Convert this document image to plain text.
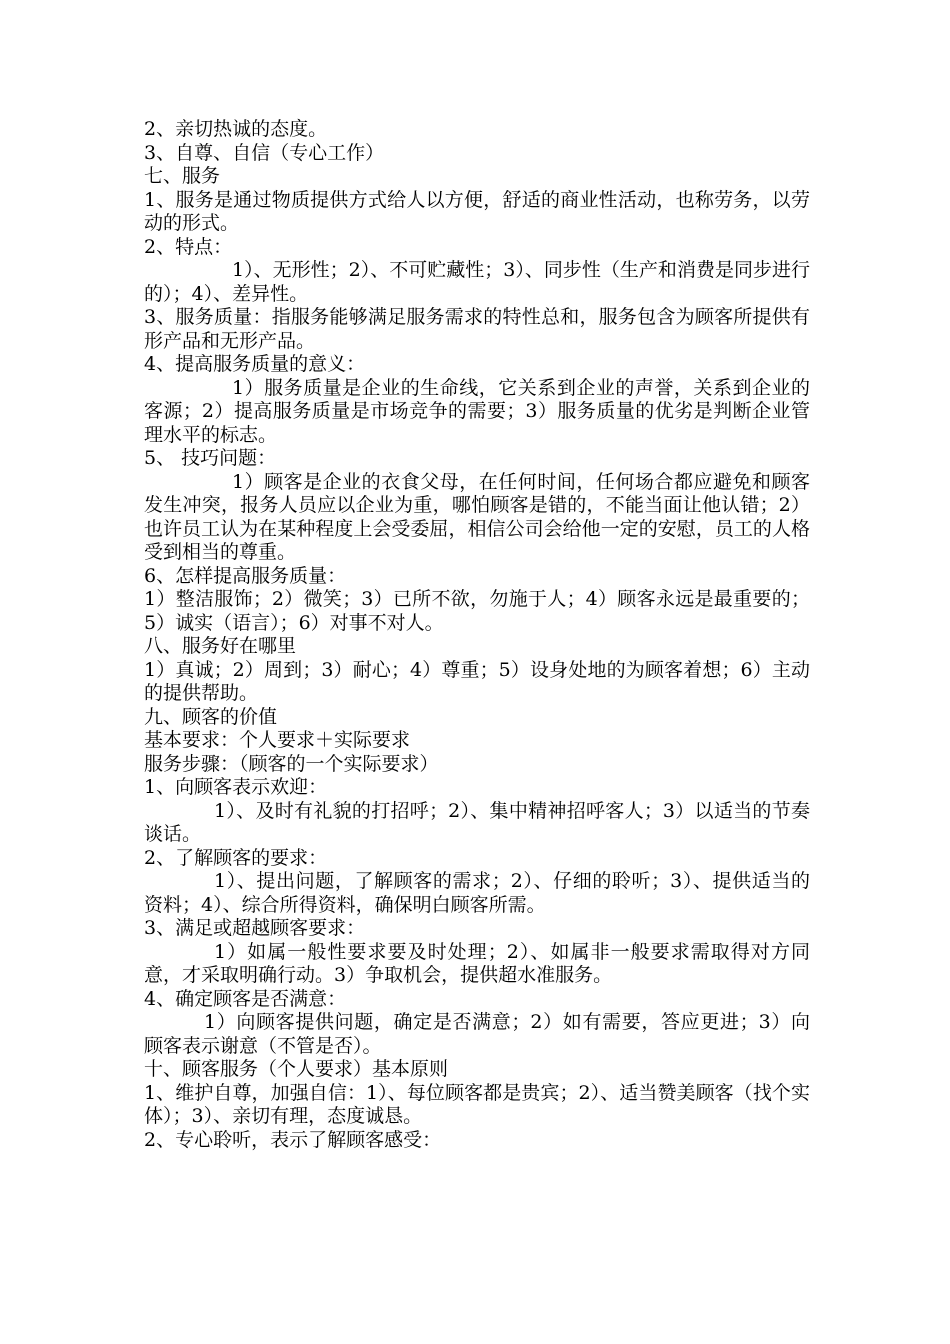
2、亲切热诚的态度。

3、自尊、自信（专心工作）

七、服务

1、服务是通过物质提供方式给人以方便，舒适的商业性活动，也称劳务，以劳动的形式。

2、特点：

1）、无形性；2）、不可贮藏性；3）、同步性（生产和消费是同步进行的）；4）、差异性。

3、服务质量：指服务能够满足服务需求的特性总和，服务包含为顾客所提供有形产品和无形产品。

4、提高服务质量的意义：

1）服务质量是企业的生命线，它关系到企业的声誉，关系到企业的客源；2）提高服务质量是市场竞争的需要；3）服务质量的优劣是判断企业管理水平的标志。

5、 技巧问题：

1）顾客是企业的衣食父母，在任何时间，任何场合都应避免和顾客发生冲突，报务人员应以企业为重，哪怕顾客是错的，不能当面让他认错；2）也许员工认为在某种程度上会受委屈，相信公司会给他一定的安慰，员工的人格受到相当的尊重。

6、怎样提高服务质量：

1）整洁服饰；2）微笑；3）已所不欲，勿施于人；4）顾客永远是最重要的；5）诚实（语言）；6）对事不对人。

八、服务好在哪里

1）真诚；2）周到；3）耐心；4）尊重；5）设身处地的为顾客着想；6）主动的提供帮助。

九、顾客的价值

基本要求：个人要求＋实际要求

服务步骤：（顾客的一个实际要求）

1、向顾客表示欢迎：

1）、及时有礼貌的打招呼；2）、集中精神招呼客人；3）以适当的节奏谈话。

2、了解顾客的要求：

1）、提出问题，了解顾客的需求；2）、仔细的聆听；3）、提供适当的资料；4）、综合所得资料，确保明白顾客所需。

3、满足或超越顾客要求：

1）如属一般性要求要及时处理；2）、如属非一般要求需取得对方同意，才采取明确行动。3）争取机会，提供超水准服务。

4、确定顾客是否满意：

1）向顾客提供问题，确定是否满意；2）如有需要，答应更进；3）向顾客表示谢意（不管是否）。

十、顾客服务（个人要求）基本原则

1、维护自尊，加强自信：1）、每位顾客都是贵宾；2）、适当赞美顾客（找个实体）；3）、亲切有理，态度诚恳。

2、专心聆听，表示了解顾客感受：
